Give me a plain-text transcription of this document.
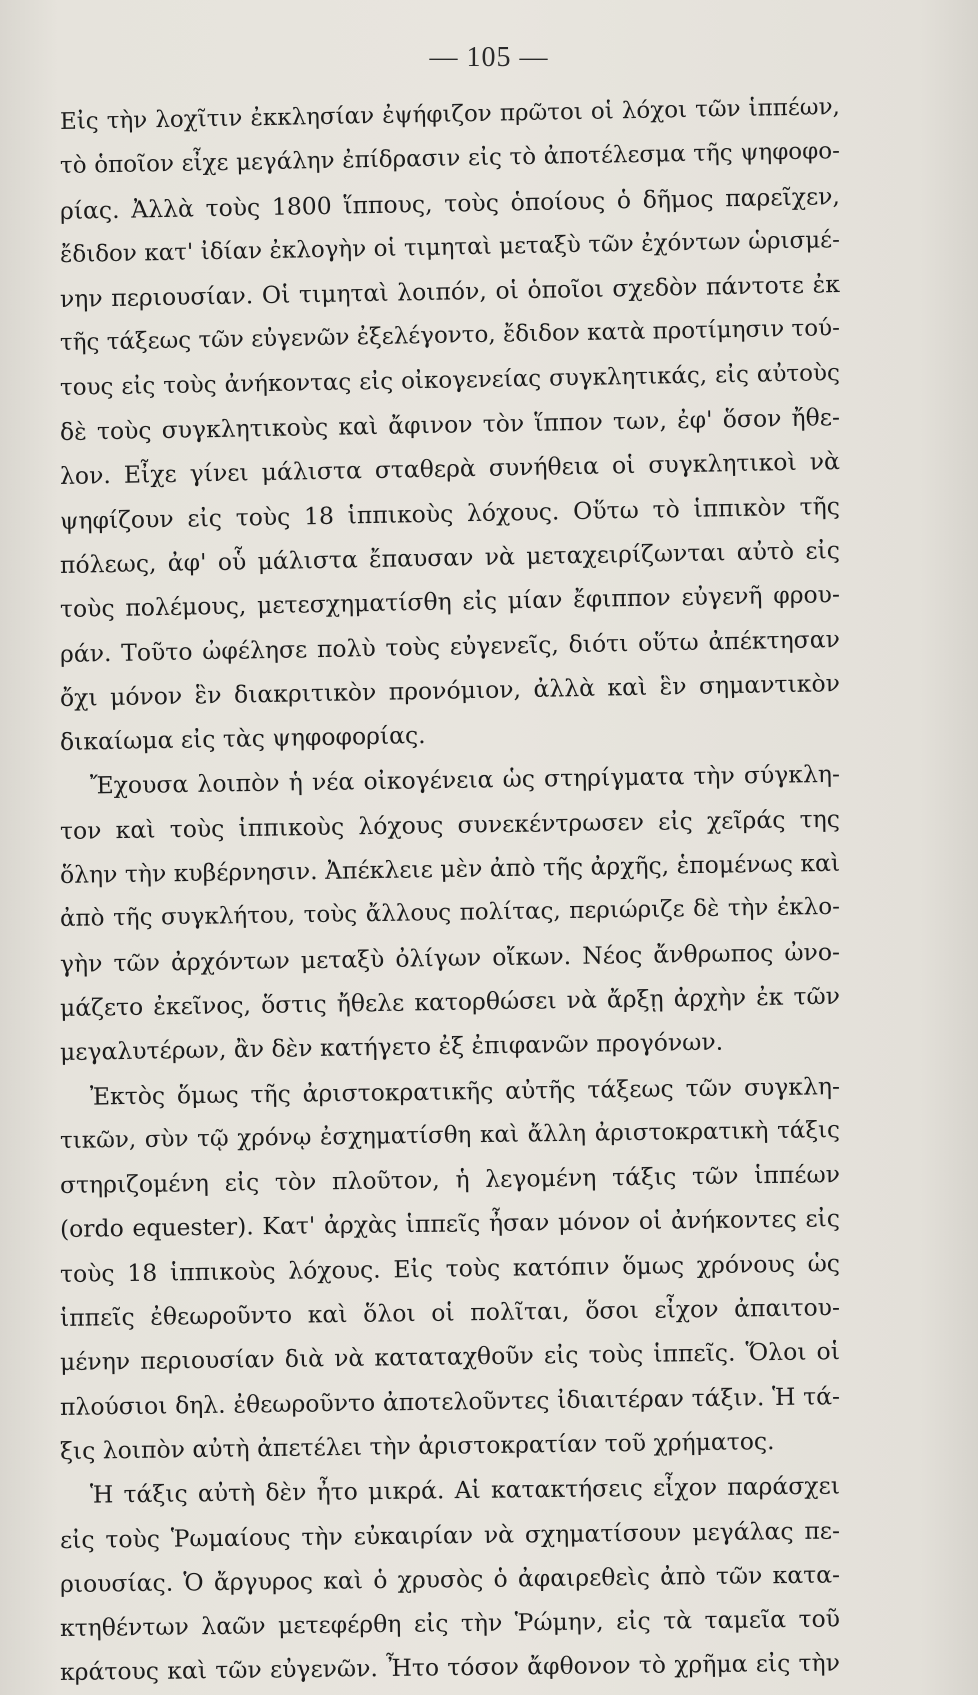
— 105 —
Εἰς τὴν λοχῖτιν ἐκκλησίαν ἐψήφιζον πρῶτοι οἱ λόχοι τῶν ἱππέων,
τὸ ὁποῖον εἶχε μεγάλην ἐπίδρασιν εἰς τὸ ἀποτέλεσμα τῆς ψηφοφο-
ρίας. Ἀλλὰ τοὺς 1800 ἵππους, τοὺς ὁποίους ὁ δῆμος παρεῖχεν,
ἔδιδον κατ' ἰδίαν ἐκλογὴν οἱ τιμηταὶ μεταξὺ τῶν ἐχόντων ὡρισμέ-
νην περιουσίαν. Οἱ τιμηταὶ λοιπόν, οἱ ὁποῖοι σχεδὸν πάντοτε ἐκ
τῆς τάξεως τῶν εὐγενῶν ἐξελέγοντο, ἔδιδον κατὰ προτίμησιν τού-
τους εἰς τοὺς ἀνήκοντας εἰς οἰκογενείας συγκλητικάς, εἰς αὐτοὺς
δὲ τοὺς συγκλητικοὺς καὶ ἄφινον τὸν ἵππον των, ἐφ' ὅσον ἤθε-
λον. Εἶχε γίνει μάλιστα σταθερὰ συνήθεια οἱ συγκλητικοὶ νὰ
ψηφίζουν εἰς τοὺς 18 ἱππικοὺς λόχους. Οὕτω τὸ ἱππικὸν τῆς
πόλεως, ἀφ' οὗ μάλιστα ἔπαυσαν νὰ μεταχειρίζωνται αὐτὸ εἰς
τοὺς πολέμους, μετεσχηματίσθη εἰς μίαν ἔφιππον εὐγενῆ φρου-
ράν. Τοῦτο ὠφέλησε πολὺ τοὺς εὐγενεῖς, διότι οὕτω ἀπέκτησαν
ὄχι μόνον ἓν διακριτικὸν προνόμιον, ἀλλὰ καὶ ἓν σημαντικὸν
δικαίωμα εἰς τὰς ψηφοφορίας.
Ἔχουσα λοιπὸν ἡ νέα οἰκογένεια ὡς στηρίγματα τὴν σύγκλη-
τον καὶ τοὺς ἱππικοὺς λόχους συνεκέντρωσεν εἰς χεῖράς της
ὅλην τὴν κυβέρνησιν. Ἀπέκλειε μὲν ἀπὸ τῆς ἀρχῆς, ἑπομένως καὶ
ἀπὸ τῆς συγκλήτου, τοὺς ἄλλους πολίτας, περιώριζε δὲ τὴν ἐκλο-
γὴν τῶν ἀρχόντων μεταξὺ ὀλίγων οἴκων. Νέος ἄνθρωπος ὠνο-
μάζετο ἐκεῖνος, ὅστις ἤθελε κατορθώσει νὰ ἄρξῃ ἀρχὴν ἐκ τῶν
μεγαλυτέρων, ἂν δὲν κατήγετο ἐξ ἐπιφανῶν προγόνων.
Ἐκτὸς ὅμως τῆς ἀριστοκρατικῆς αὐτῆς τάξεως τῶν συγκλη-
τικῶν, σὺν τῷ χρόνῳ ἐσχηματίσθη καὶ ἄλλη ἀριστοκρατικὴ τάξις
στηριζομένη εἰς τὸν πλοῦτον, ἡ λεγομένη τάξις τῶν ἱππέων
(ordo equester). Κατ' ἀρχὰς ἱππεῖς ἦσαν μόνον οἱ ἀνήκοντες εἰς
τοὺς 18 ἱππικοὺς λόχους. Εἰς τοὺς κατόπιν ὅμως χρόνους ὡς
ἱππεῖς ἐθεωροῦντο καὶ ὅλοι οἱ πολῖται, ὅσοι εἶχον ἀπαιτου-
μένην περιουσίαν διὰ νὰ καταταχθοῦν εἰς τοὺς ἱππεῖς. Ὅλοι οἱ
πλούσιοι δηλ. ἐθεωροῦντο ἀποτελοῦντες ἰδιαιτέραν τάξιν. Ἡ τά-
ξις λοιπὸν αὐτὴ ἀπετέλει τὴν ἀριστοκρατίαν τοῦ χρήματος.
Ἡ τάξις αὐτὴ δὲν ἦτο μικρά. Αἱ κατακτήσεις εἶχον παράσχει
εἰς τοὺς Ῥωμαίους τὴν εὐκαιρίαν νὰ σχηματίσουν μεγάλας πε-
ριουσίας. Ὁ ἄργυρος καὶ ὁ χρυσὸς ὁ ἀφαιρεθεὶς ἀπὸ τῶν κατα-
κτηθέντων λαῶν μετεφέρθη εἰς τὴν Ῥώμην, εἰς τὰ ταμεῖα τοῦ
κράτους καὶ τῶν εὐγενῶν. Ἦτο τόσον ἄφθονον τὸ χρῆμα εἰς τὴν
